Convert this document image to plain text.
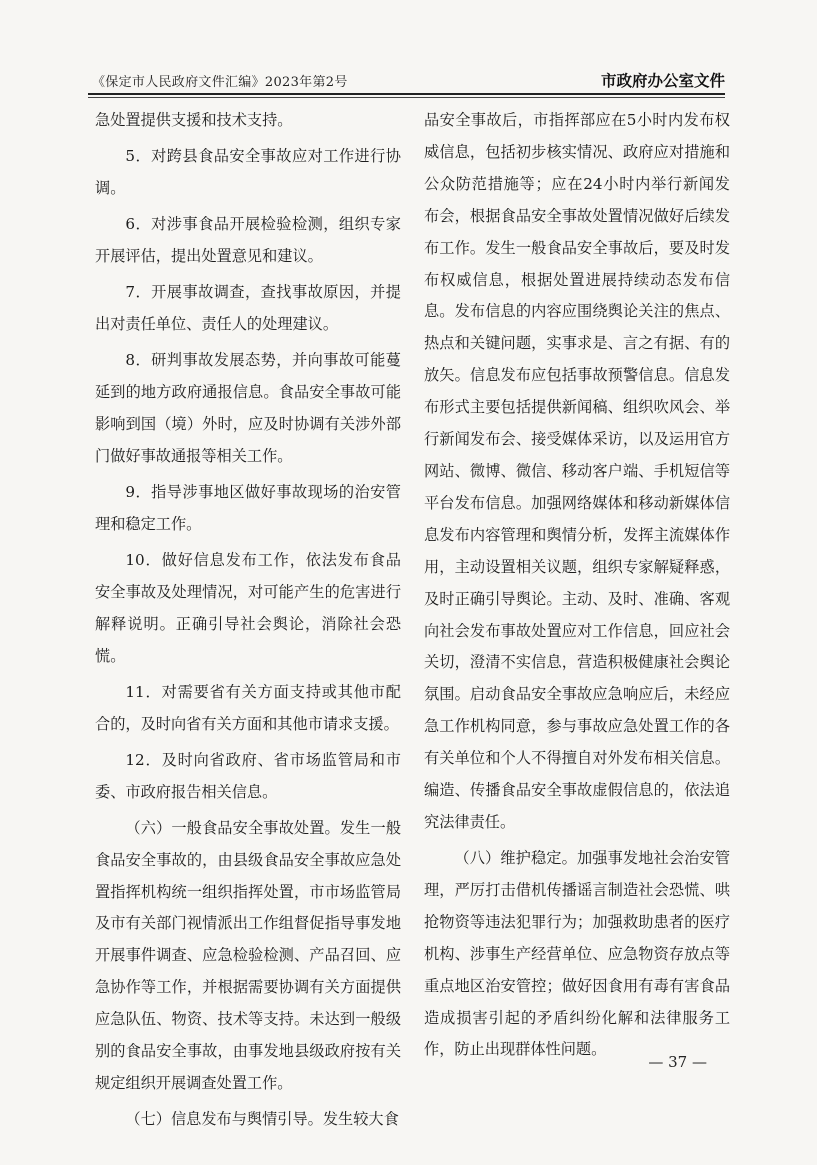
《保定市人民政府文件汇编》2023年第2号	市政府办公室文件

急处置提供支援和技术支持。

5．对跨县食品安全事故应对工作进行协调。

6．对涉事食品开展检验检测，组织专家开展评估，提出处置意见和建议。

7．开展事故调查，查找事故原因，并提出对责任单位、责任人的处理建议。

8．研判事故发展态势，并向事故可能蔓延到的地方政府通报信息。食品安全事故可能影响到国（境）外时，应及时协调有关涉外部门做好事故通报等相关工作。

9．指导涉事地区做好事故现场的治安管理和稳定工作。

10．做好信息发布工作，依法发布食品安全事故及处理情况，对可能产生的危害进行解释说明。正确引导社会舆论，消除社会恐慌。

11．对需要省有关方面支持或其他市配合的，及时向省有关方面和其他市请求支援。

12．及时向省政府、省市场监管局和市委、市政府报告相关信息。

（六）一般食品安全事故处置。发生一般食品安全事故的，由县级食品安全事故应急处置指挥机构统一组织指挥处置，市市场监管局及市有关部门视情派出工作组督促指导事发地开展事件调查、应急检验检测、产品召回、应急协作等工作，并根据需要协调有关方面提供应急队伍、物资、技术等支持。未达到一般级别的食品安全事故，由事发地县级政府按有关规定组织开展调查处置工作。

（七）信息发布与舆情引导。发生较大食

品安全事故后，市指挥部应在5小时内发布权威信息，包括初步核实情况、政府应对措施和公众防范措施等；应在24小时内举行新闻发布会，根据食品安全事故处置情况做好后续发布工作。发生一般食品安全事故后，要及时发布权威信息，根据处置进展持续动态发布信息。发布信息的内容应围绕舆论关注的焦点、热点和关键问题，实事求是、言之有据、有的放矢。信息发布应包括事故预警信息。信息发布形式主要包括提供新闻稿、组织吹风会、举行新闻发布会、接受媒体采访，以及运用官方网站、微博、微信、移动客户端、手机短信等平台发布信息。加强网络媒体和移动新媒体信息发布内容管理和舆情分析，发挥主流媒体作用，主动设置相关议题，组织专家解疑释惑，及时正确引导舆论。主动、及时、准确、客观向社会发布事故处置应对工作信息，回应社会关切，澄清不实信息，营造积极健康社会舆论氛围。启动食品安全事故应急响应后，未经应急工作机构同意，参与事故应急处置工作的各有关单位和个人不得擅自对外发布相关信息。编造、传播食品安全事故虚假信息的，依法追究法律责任。

（八）维护稳定。加强事发地社会治安管理，严厉打击借机传播谣言制造社会恐慌、哄抢物资等违法犯罪行为；加强救助患者的医疗机构、涉事生产经营单位、应急物资存放点等重点地区治安管控；做好因食用有毒有害食品造成损害引起的矛盾纠纷化解和法律服务工作，防止出现群体性问题。

— 37 —
